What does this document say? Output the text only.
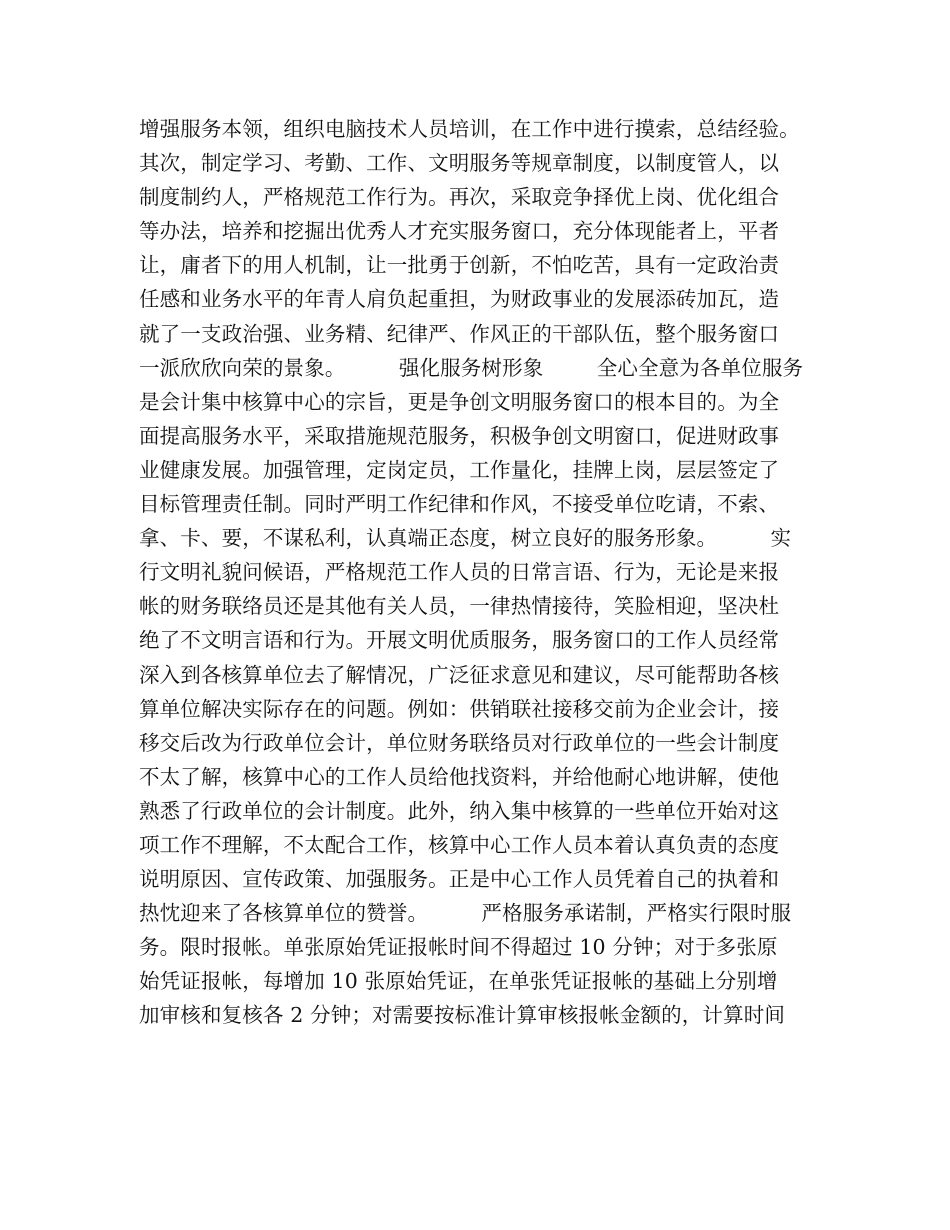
增强服务本领，组织电脑技术人员培训，在工作中进行摸索，总结经验。
其次，制定学习、考勤、工作、文明服务等规章制度，以制度管人，以
制度制约人，严格规范工作行为。再次，采取竞争择优上岗、优化组合
等办法，培养和挖掘出优秀人才充实服务窗口，充分体现能者上，平者
让，庸者下的用人机制，让一批勇于创新，不怕吃苦，具有一定政治责
任感和业务水平的年青人肩负起重担，为财政事业的发展添砖加瓦，造
就了一支政治强、业务精、纪律严、作风正的干部队伍，整个服务窗口
一派欣欣向荣的景象。        强化服务树形象        全心全意为各单位服务
是会计集中核算中心的宗旨，更是争创文明服务窗口的根本目的。为全
面提高服务水平，采取措施规范服务，积极争创文明窗口，促进财政事
业健康发展。加强管理，定岗定员，工作量化，挂牌上岗，层层签定了
目标管理责任制。同时严明工作纪律和作风，不接受单位吃请，不索、
拿、卡、要，不谋私利，认真端正态度，树立良好的服务形象。        实
行文明礼貌问候语，严格规范工作人员的日常言语、行为，无论是来报
帐的财务联络员还是其他有关人员，一律热情接待，笑脸相迎，坚决杜
绝了不文明言语和行为。开展文明优质服务，服务窗口的工作人员经常
深入到各核算单位去了解情况，广泛征求意见和建议，尽可能帮助各核
算单位解决实际存在的问题。例如：供销联社接移交前为企业会计，接
移交后改为行政单位会计，单位财务联络员对行政单位的一些会计制度
不太了解，核算中心的工作人员给他找资料，并给他耐心地讲解，使他
熟悉了行政单位的会计制度。此外，纳入集中核算的一些单位开始对这
项工作不理解，不太配合工作，核算中心工作人员本着认真负责的态度
说明原因、宣传政策、加强服务。正是中心工作人员凭着自己的执着和
热忱迎来了各核算单位的赞誉。        严格服务承诺制，严格实行限时服
务。限时报帐。单张原始凭证报帐时间不得超过 10 分钟；对于多张原
始凭证报帐，每增加 10 张原始凭证，在单张凭证报帐的基础上分别增
加审核和复核各 2 分钟；对需要按标准计算审核报帐金额的，计算时间
